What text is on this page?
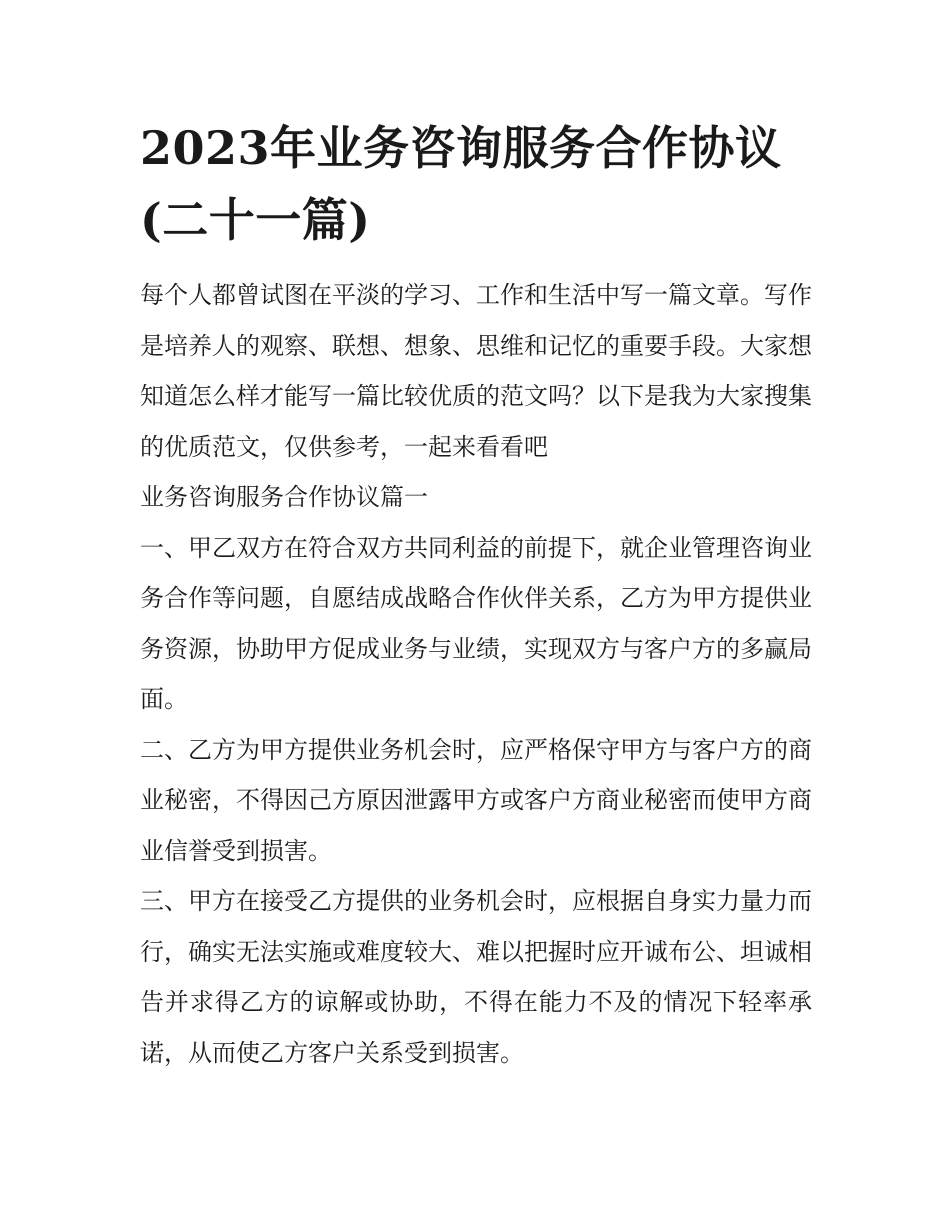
2023年业务咨询服务合作协议(二十一篇)

每个人都曾试图在平淡的学习、工作和生活中写一篇文章。写作是培养人的观察、联想、想象、思维和记忆的重要手段。大家想知道怎么样才能写一篇比较优质的范文吗？以下是我为大家搜集的优质范文，仅供参考，一起来看看吧

业务咨询服务合作协议篇一

一、甲乙双方在符合双方共同利益的前提下，就企业管理咨询业务合作等问题，自愿结成战略合作伙伴关系，乙方为甲方提供业务资源，协助甲方促成业务与业绩，实现双方与客户方的多赢局面。

二、乙方为甲方提供业务机会时，应严格保守甲方与客户方的商业秘密，不得因己方原因泄露甲方或客户方商业秘密而使甲方商业信誉受到损害。

三、甲方在接受乙方提供的业务机会时，应根据自身实力量力而行，确实无法实施或难度较大、难以把握时应开诚布公、坦诚相告并求得乙方的谅解或协助，不得在能力不及的情况下轻率承诺，从而使乙方客户关系受到损害。
